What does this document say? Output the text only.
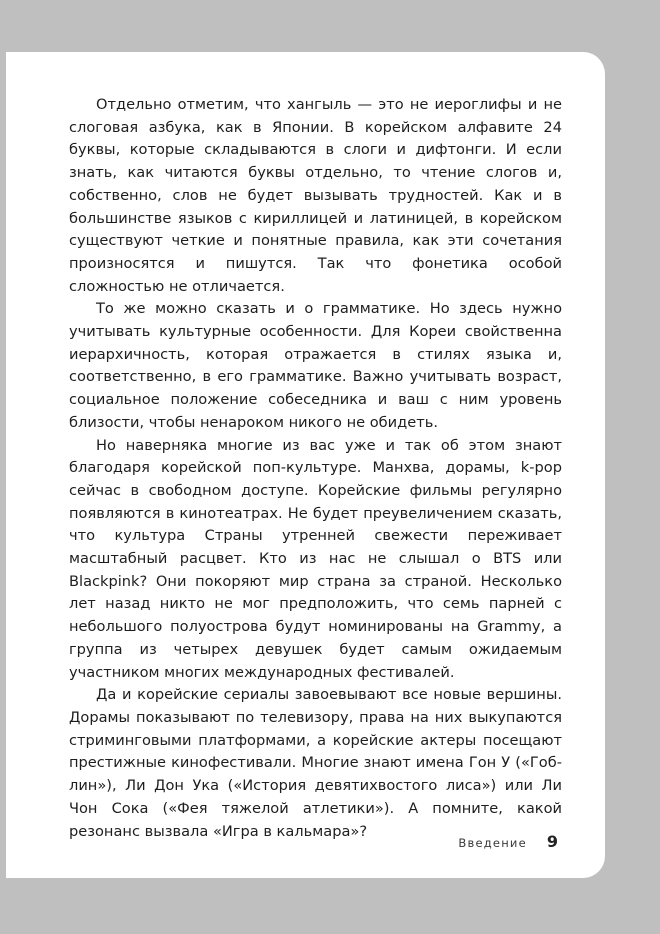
Отдельно отметим, что хангыль — это не иероглифы и не слоговая азбука, как в Японии. В корейском алфавите 24 буквы, которые складываются в слоги и дифтонги. И если знать, как читаются буквы отдельно, то чтение слогов и, собственно, слов не будет вызывать трудностей. Как и в большинстве языков с кириллицей и латиницей, в корейском существуют четкие и понятные правила, как эти сочетания произносятся и пишутся. Так что фонетика особой сложностью не отличается.

То же можно сказать и о грамматике. Но здесь нужно учитывать культурные особенности. Для Кореи свойственна иерархичность, которая отражается в стилях языка и, соответственно, в его грамматике. Важно учитывать возраст, социальное положение собеседника и ваш с ним уровень близости, чтобы ненароком никого не обидеть.

Но наверняка многие из вас уже и так об этом знают благодаря корейской поп-культуре. Манхва, дорамы, k-pop сейчас в свободном доступе. Корейские фильмы регулярно появляются в кинотеатрах. Не будет преувеличением сказать, что культура Страны утренней свежести переживает масштабный расцвет. Кто из нас не слышал о BTS или Blackpink? Они покоряют мир страна за страной. Несколько лет назад никто не мог предположить, что семь парней с небольшого полуострова будут номинированы на Grammy, а группа из четырех девушек будет самым ожидаемым участником многих международных фестивалей.

Да и корейские сериалы завоевывают все новые вершины. Дорамы показывают по телевизору, права на них выкупаются стриминговыми платформами, а корейские актеры посещают престижные кинофестивали. Многие знают имена Гон У («Гоблин»), Ли Дон Ука («История девятихвостого лиса») или Ли Чон Сока («Фея тяжелой атлетики»). А помните, какой резонанс вызвала «Игра в кальмара»?

Введение 9
